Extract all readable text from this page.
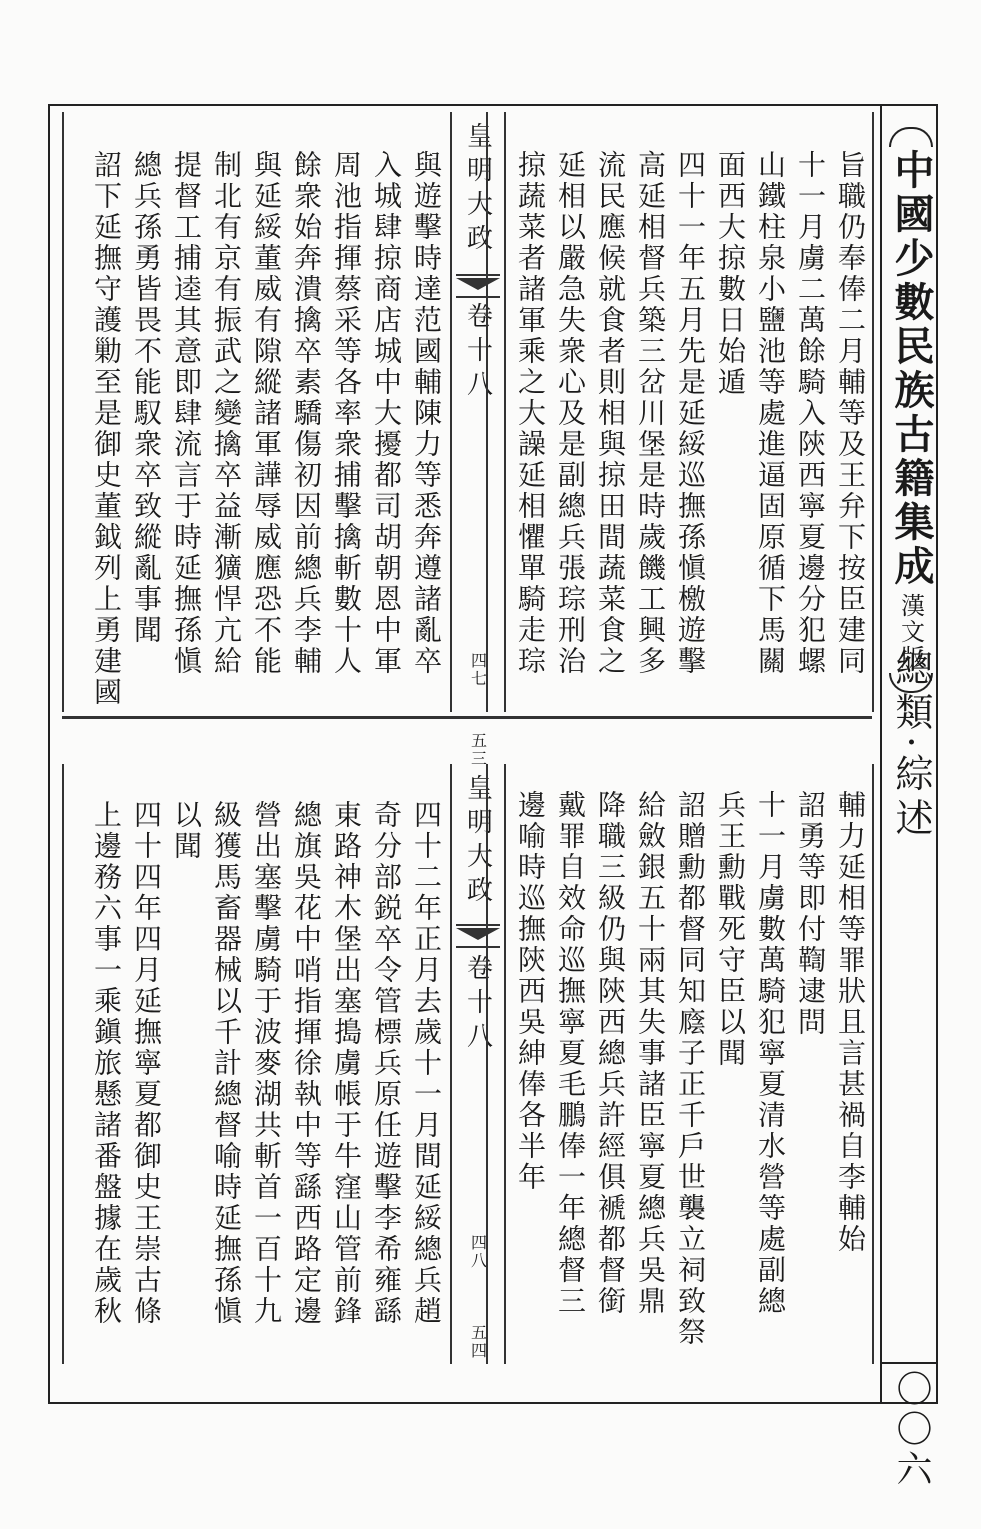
中國少數民族古籍集成
漢文版
總類·綜述
〇〇六
皇明大政
卷十八
四七
五三
皇明大政
卷十八
四八
五四
旨職仍奉俸二月輔等及王弁下按臣建同
十一月虜二萬餘騎入陝西寧夏邊分犯螺
山鐵柱泉小鹽池等處進逼固原循下馬關
面西大掠數日始遁
四十一年五月先是延綏巡撫孫愼檄遊擊
高延相督兵築三岔川堡是時歲饑工興多
流民應候就食者則相與掠田間蔬菜食之
延相以嚴急失衆心及是副總兵張琮刑治
掠蔬菜者諸軍乘之大譟延相懼單騎走琮
與遊擊時達范國輔陳力等悉奔遵諸亂卒
入城肆掠商店城中大擾都司胡朝恩中軍
周池指揮蔡采等各率衆捕擊擒斬數十人
餘衆始奔潰擒卒素驕傷初因前總兵李輔
與延綏董威有隙縱諸軍譁辱威應恐不能
制北有京有振武之變擒卒益漸獷悍亢給
提督工捕逵其意即肆流言于時延撫孫愼
總兵孫勇皆畏不能馭衆卒致縱亂事聞
詔下延撫守護勦至是御史董鉞列上勇建國
輔力延相等罪狀且言甚禍自李輔始
詔勇等即付鞫逮問
十一月虜數萬騎犯寧夏清水營等處副總
兵王勳戰死守臣以聞
詔贈勳都督同知廕子正千戶世襲立祠致祭
給斂銀五十兩其失事諸臣寧夏總兵吳鼎
降職三級仍與陝西總兵許經俱褫都督銜
戴罪自效命巡撫寧夏毛鵬俸一年總督三
邊喻時巡撫陝西吳紳俸各半年
四十二年正月去歲十一月間延綏總兵趙
奇分部鋭卒令管標兵原任遊擊李希雍繇
東路神木堡出塞搗虜帳于牛窪山管前鋒
總旗吳花中哨指揮徐執中等繇西路定邊
營出塞擊虜騎于波麥湖共斬首一百十九
級獲馬畜器械以千計總督喻時延撫孫愼
以聞
四十四年四月延撫寧夏都御史王崇古條
上邊務六事一乘鎭旅懸諸番盤據在歲秋
